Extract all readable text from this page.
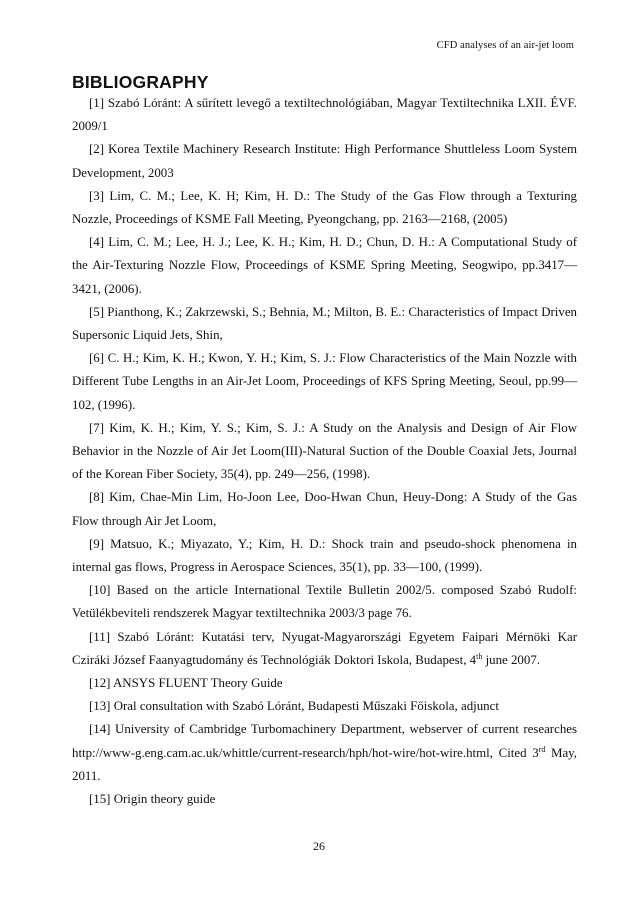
CFD analyses of an air-jet loom
BIBLIOGRAPHY
[1] Szabó Lóránt: A sűrített levegő a textiltechnológiában, Magyar Textiltechnika LXII. ÉVF. 2009/1
[2] Korea Textile Machinery Research Institute: High Performance Shuttleless Loom System Development, 2003
[3] Lim, C. M.; Lee, K. H; Kim, H. D.: The Study of the Gas Flow through a Texturing Nozzle, Proceedings of KSME Fall Meeting, Pyeongchang, pp. 2163—2168, (2005)
[4] Lim, C. M.; Lee, H. J.; Lee, K. H.; Kim, H. D.; Chun, D. H.: A Computational Study of the Air-Texturing Nozzle Flow, Proceedings of KSME Spring Meeting, Seogwipo, pp.3417—3421, (2006).
[5] Pianthong, K.; Zakrzewski, S.; Behnia, M.; Milton, B. E.: Characteristics of Impact Driven Supersonic Liquid Jets, Shin,
[6] C. H.; Kim, K. H.; Kwon, Y. H.; Kim, S. J.: Flow Characteristics of the Main Nozzle with Different Tube Lengths in an Air-Jet Loom, Proceedings of KFS Spring Meeting, Seoul, pp.99—102, (1996).
[7] Kim, K. H.; Kim, Y. S.; Kim, S. J.: A Study on the Analysis and Design of Air Flow Behavior in the Nozzle of Air Jet Loom(III)-Natural Suction of the Double Coaxial Jets, Journal of the Korean Fiber Society, 35(4), pp. 249—256, (1998).
[8] Kim, Chae-Min Lim, Ho-Joon Lee, Doo-Hwan Chun, Heuy-Dong: A Study of the Gas Flow through Air Jet Loom,
[9] Matsuo, K.; Miyazato, Y.; Kim, H. D.: Shock train and pseudo-shock phenomena in internal gas flows, Progress in Aerospace Sciences, 35(1), pp. 33—100, (1999).
[10] Based on the article International Textile Bulletin 2002/5. composed Szabó Rudolf: Vetülékbeviteli rendszerek Magyar textiltechnika 2003/3 page 76.
[11] Szabó Lóránt: Kutatási terv, Nyugat-Magyarországi Egyetem Faipari Mérnöki Kar Cziráki József Faanyagtudomány és Technológiák Doktori Iskola, Budapest, 4th june 2007.
[12] ANSYS FLUENT Theory Guide
[13] Oral consultation with Szabó Lóránt, Budapesti Műszaki Főiskola, adjunct
[14] University of Cambridge Turbomachinery Department, webserver of current researches http://www-g.eng.cam.ac.uk/whittle/current-research/hph/hot-wire/hot-wire.html, Cited 3rd May, 2011.
[15] Origin theory guide
26
